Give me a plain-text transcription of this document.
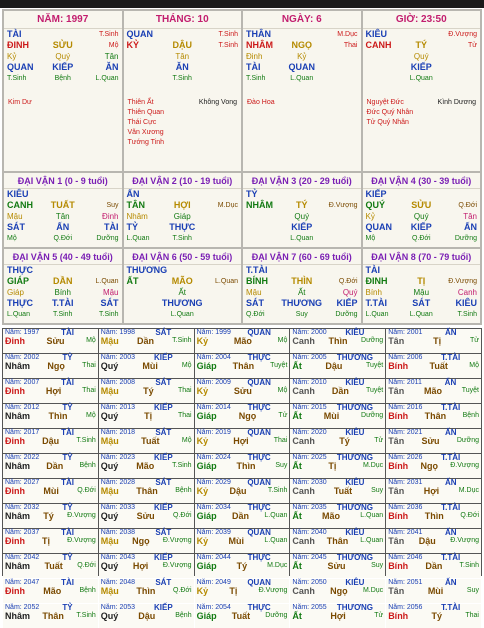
NĂM: 1997
TÀI	T.Sinh
ĐINH	SỬU	Mộ
Kỷ	Quý	Tân
QUAN	KIẾP	ĂN
T.Sinh	Bệnh	L.Quan
Kim Dư
THÁNG: 10
QUAN	T.Sinh
KỶ	DẬU	T.Sinh
Tân
ĂN
T.Sinh
Thiên Ất	Không Vong
Thiên Quan
Thái Cực
Văn Xương
Tướng Tinh
NGÀY: 6
THÂN	M.Dục
NHÂM	NGỌ	Thai
Đinh	Kỷ
TÀI	QUAN
T.Sinh	L.Quan
Đào Hoa
GIỜ: 23:50
KIÊU	Đ.Vượng
CANH	TÝ	Tử
Quý
KIẾP
L.Quan
Nguyệt Đức	Kình Dương
Đức Quý Nhân
Tử Quý Nhân
ĐẠI VẬN 1 (0 - 9 tuổi)
KIÊU
CANH	TUẤT	Suy
Mậu	Tân	Đinh
SÁT	ẤN	TÀI
Mộ	Q.Đới	Dưỡng
ĐẠI VẬN 2 (10 - 19 tuổi)
ẤN
TÂN	HỢI	M.Dục
Nhâm	Giáp
TỶ	THỰC
L.Quan	T.Sinh
ĐẠI VẬN 3 (20 - 29 tuổi)
TỶ
NHÂM	TÝ	Đ.Vượng
Quý
KIẾP
L.Quan
ĐẠI VẬN 4 (30 - 39 tuổi)
KIẾP
QUÝ	SỬU	Q.Đới
Kỷ	Quý	Tân
QUAN	KIẾP	ẤN
Mộ	Q.Đới	Dưỡng
ĐẠI VẬN 5 (40 - 49 tuổi)
THỰC
GIÁP	DẦN	L.Quan
Giáp	Bính	Mậu
THỰC	T.TÀI	SÁT
L.Quan	T.Sinh	T.Sinh
ĐẠI VẬN 6 (50 - 59 tuổi)
THƯƠNG
ẤT	MÃO	L.Quan
Ất
THƯƠNG
L.Quan
ĐẠI VẬN 7 (60 - 69 tuổi)
T.TÀI
BÍNH	THÌN	Q.Đới
Mậu	Ất	Quý
SÁT	THƯƠNG	KIẾP
Q.Đới	Suy	Dưỡng
ĐẠI VẬN 8 (70 - 79 tuổi)
TÀI
ĐINH	TỊ	Đ.Vượng
Bính	Mậu	Canh
T.TÀI	SÁT	KIÊU
L.Quan	L.Quan	T.Sinh
Năm: 1997	TÀI
Đinh Sửu	Mộ
Năm: 1998	SÁT
Mậu Dần	T.Sinh
Năm: 1999 QUAN
Kỷ	Mão	Mộ
Năm: 2000 KIÊU
Canh Thìn Dưỡng
Năm: 2001	ẤN
Tân	Tị	Tử
Năm: 2002	TỶ
Nhâm Ngọ Thai
Năm: 2003 KIẾP
Quý	Mùi	Mộ
Năm: 2004 THỰC
Giáp Thân Tuyệt
Năm: 2005 THƯƠNG
Ất	Dậu	Tuyệt
Năm: 2006 T.TÀI
Bính Tuất	Mộ
Năm: 2007	TÀI
Đinh Hợi	Thai
Năm: 2008	SÁT
Mậu	Tý	Thai
Năm: 2009 QUAN
Kỷ	Sửu	Mộ
Năm: 2010 KIÊU
Canh Dần Tuyệt
Năm: 2011	ẤN
Tân Mão	Tuyệt
Năm: 2012	TỶ
Nhâm Thìn	Mộ
Năm: 2013 KIẾP
Quý	Tị	Thai
Năm: 2014 THỰC
Giáp Ngọ	Tử
Năm: 2015 THƯƠNG
Ất Mùi	Dưỡng
Năm: 2016 T.TÀI
Bính Thân Bệnh
Năm: 2017	TÀI
Đinh Dậu T.Sinh
Năm: 2018	SÁT
Mậu Tuất	Mộ
Năm: 2019 QUAN
Kỷ	Hợi	Thai
Năm: 2020 KIÊU
Canh	Tý	Tử
Năm: 2021	ẤN
Tân Sửu Dưỡng
Năm: 2022	TỶ
Nhâm Dần Bệnh
Năm: 2023 KIẾP
Quý Mão	T.Sinh
Năm: 2024 THỰC
Giáp Thìn	Suy
Năm: 2025 THƯƠNG
Ất	Tị	M.Dục
Năm: 2026 T.TÀI
Bính Ngọ Đ.Vượng
Năm: 2027	TÀI
Đinh Mùi	Q.Đới
Năm: 2028	SÁT
Mậu Thân Bệnh
Năm: 2029 QUAN
Kỷ Dậu	T.Sinh
Năm: 2030 KIÊU
Canh Tuất	Suy
Năm: 2031	ẤN
Tân Hợi	M.Dục
Năm: 2032	TỶ
Nhâm Tý Đ.Vượng
Năm: 2033 KIẾP
Quý Sửu	Q.Đới
Năm: 2034 THỰC
Giáp Dần L.Quan
Năm: 2035 THƯƠNG
Ất Mão	L.Quan
Năm: 2036 T.TÀI
Bính Thìn Q.Đới
Năm: 2037	TÀI
Đinh Tị Đ.Vượng
Năm: 2038	SÁT
Mậu Ngọ Đ.Vượng
Năm: 2039 QUAN
Kỷ Mùi	L.Quan
Năm: 2040 KIÊU
Canh Thân L.Quan
Năm: 2041	ẤN
Tân Dậu Đ.Vượng
Năm: 2042	TỶ
Nhâm Tuất Q.Đới
Năm: 2043 KIẾP
Quý Hợi Đ.Vượng
Năm: 2044 THỰC
Giáp Tý	M.Dục
Năm: 2045 THƯƠNG
Ất	Sửu	Suy
Năm: 2046 T.TÀI
Bính Dần T.Sinh
Năm: 2047	TÀI
Đinh Mão	Bệnh
Năm: 2048	SÁT
Mậu Thìn	Q.Đới
Năm: 2049 QUAN
Kỷ Tị	Đ.Vượng
Năm: 2050 KIÊU
Canh Ngọ M.Dục
Năm: 2051	ẤN
Tân	Mùi	Suy
Năm: 2052	TỶ
Nhâm Thân T.Sinh
Năm: 2053 KIẾP
Quý Dậu	Bệnh
Năm: 2054 THỰC
Giáp Tuất Dưỡng
Năm: 2055 THƯƠNG
Ất	Hợi	Tử
Năm: 2056 T.TÀI
Bính	Tý	Thai
